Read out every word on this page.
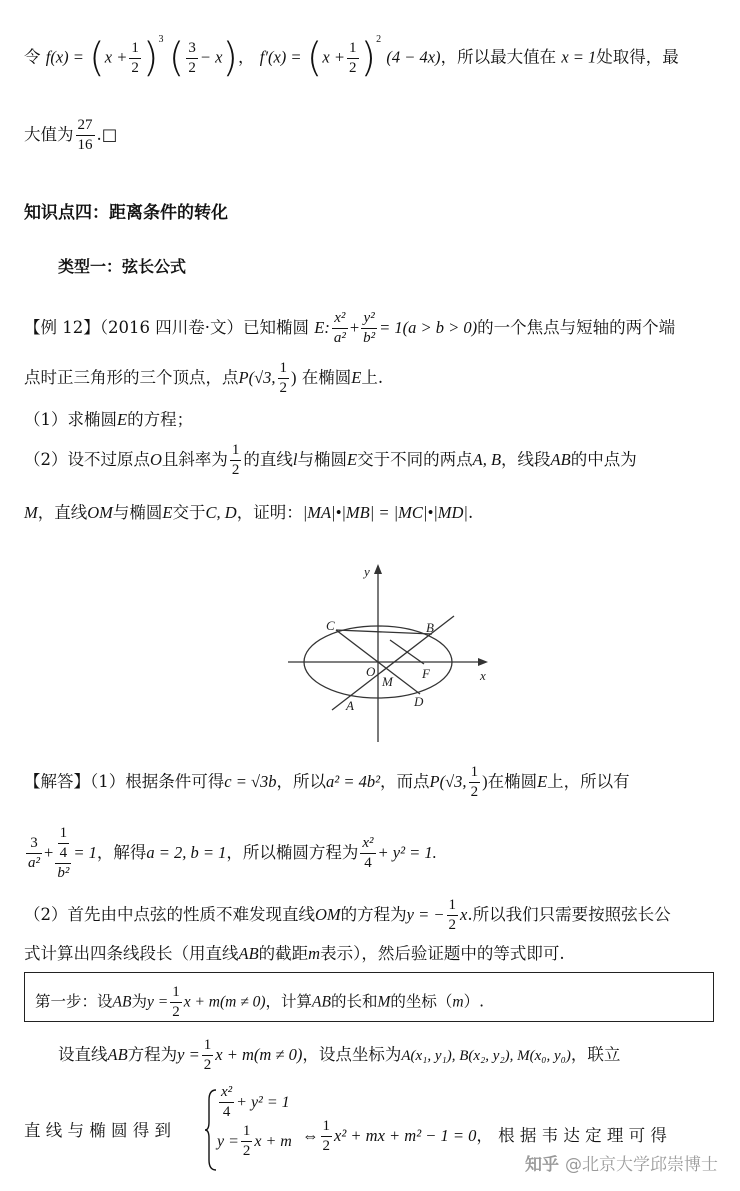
令 $f(x) = (x + \frac{1}{2} )^3$ ( $\frac{3}{2} - x$)， $f'(x) = (x + \frac{1}{2} )^2$ (4 − 4x)，所以最大值在 x = 1处取得，最
大值为 $\frac{27}{16}$ .□
知识点四：距离条件的转化
类型一：弦长公式
【例 12】（2016 四川卷·文）已知椭圆 E: $\frac{\text{x²}}{\text{a²}} + \frac{\text{y²}}{\text{b²}} = 1(a > b > 0)$的一个焦点与短轴的两个端
点时正三角形的三个顶点，点P(√3, $\frac{1}{2}$ ) 在椭圆E上.
（1）求椭圆E的方程；
（2）设不过原点O且斜率为 $\frac{1}{2}$ 的直线l与椭圆E交于不同的两点A, B，线段AB的中点为
M，直线OM与椭圆E交于C, D，证明：|MA|•|MB| = |MC|•|MD|.
x
y
O
C	B
A	D
M
F
【解答】（1）根据条件可得c = √3b，所以a² = 4b²，而点P(√3, $\frac{1}{2}$ )在椭圆E上，所以有
$\frac{3}{\text{a²}} + \frac{\frac{1}{4}}{\text{b²}} = 1$，解得a = 2, b = 1，所以椭圆方程为 $\frac{\text{x²}}{4} + y^2 = 1$.
（2）首先由中点弦的性质不难发现直线OM的方程为y = − $\frac{1}{2} x$.所以我们只需要按照弦长公
式计算出四条线段长（用直线AB的截距m表示），然后验证题中的等式即可.
第一步：设AB为$y = \frac{1}{2}$ x + m(m ≠ 0)，计算AB的长和M的坐标（m）.
设直线AB方程为$y = \frac{1}{2}$ x + m(m ≠ 0)，设点坐标为A(x₁, y₁), B(x₂, y₂), M(x₀, y₀)，联立
直 线 与 椭 圆 得 到
$\frac{\text{x²}}{4} + y^2 = 1$
$y = \frac{1}{2}$ x + m ⇔ $\frac{1}{2} x^2$ + mx + m² − 1 = 0， 根 据 韦 达 定 理 可 得
知乎 @北京大学邱崇博士
